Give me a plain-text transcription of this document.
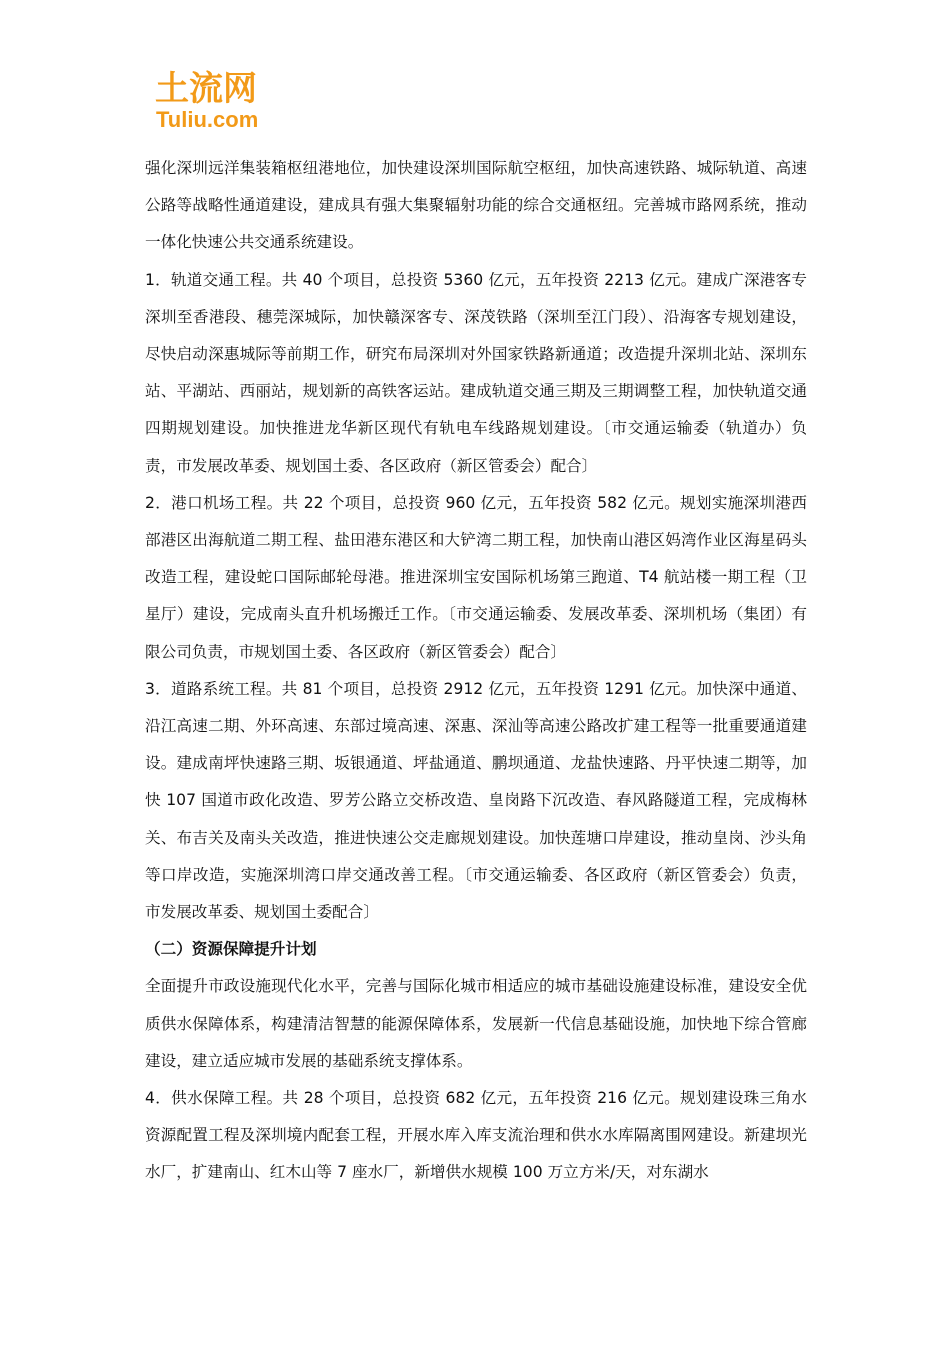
土流网
Tuliu.com

强化深圳远洋集装箱枢纽港地位，加快建设深圳国际航空枢纽，加快高速铁路、城际轨道、高速公路等战略性通道建设，建成具有强大集聚辐射功能的综合交通枢纽。完善城市路网系统，推动一体化快速公共交通系统建设。

1．轨道交通工程。共 40 个项目，总投资 5360 亿元，五年投资 2213 亿元。建成广深港客专深圳至香港段、穗莞深城际，加快赣深客专、深茂铁路（深圳至江门段）、沿海客专规划建设，尽快启动深惠城际等前期工作，研究布局深圳对外国家铁路新通道；改造提升深圳北站、深圳东站、平湖站、西丽站，规划新的高铁客运站。建成轨道交通三期及三期调整工程，加快轨道交通四期规划建设。加快推进龙华新区现代有轨电车线路规划建设。〔市交通运输委（轨道办）负责，市发展改革委、规划国土委、各区政府（新区管委会）配合〕

2．港口机场工程。共 22 个项目，总投资 960 亿元，五年投资 582 亿元。规划实施深圳港西部港区出海航道二期工程、盐田港东港区和大铲湾二期工程，加快南山港区妈湾作业区海星码头改造工程，建设蛇口国际邮轮母港。推进深圳宝安国际机场第三跑道、T4 航站楼一期工程（卫星厅）建设，完成南头直升机场搬迁工作。〔市交通运输委、发展改革委、深圳机场（集团）有限公司负责，市规划国土委、各区政府（新区管委会）配合〕

3．道路系统工程。共 81 个项目，总投资 2912 亿元，五年投资 1291 亿元。加快深中通道、沿江高速二期、外环高速、东部过境高速、深惠、深汕等高速公路改扩建工程等一批重要通道建设。建成南坪快速路三期、坂银通道、坪盐通道、鹏坝通道、龙盐快速路、丹平快速二期等，加快 107 国道市政化改造、罗芳公路立交桥改造、皇岗路下沉改造、春风路隧道工程，完成梅林关、布吉关及南头关改造，推进快速公交走廊规划建设。加快莲塘口岸建设，推动皇岗、沙头角等口岸改造，实施深圳湾口岸交通改善工程。〔市交通运输委、各区政府（新区管委会）负责，市发展改革委、规划国土委配合〕

（二）资源保障提升计划

全面提升市政设施现代化水平，完善与国际化城市相适应的城市基础设施建设标准，建设安全优质供水保障体系，构建清洁智慧的能源保障体系，发展新一代信息基础设施，加快地下综合管廊建设，建立适应城市发展的基础系统支撑体系。

4．供水保障工程。共 28 个项目，总投资 682 亿元，五年投资 216 亿元。规划建设珠三角水资源配置工程及深圳境内配套工程，开展水库入库支流治理和供水水库隔离围网建设。新建坝光水厂，扩建南山、红木山等 7 座水厂，新增供水规模 100 万立方米/天，对东湖水
